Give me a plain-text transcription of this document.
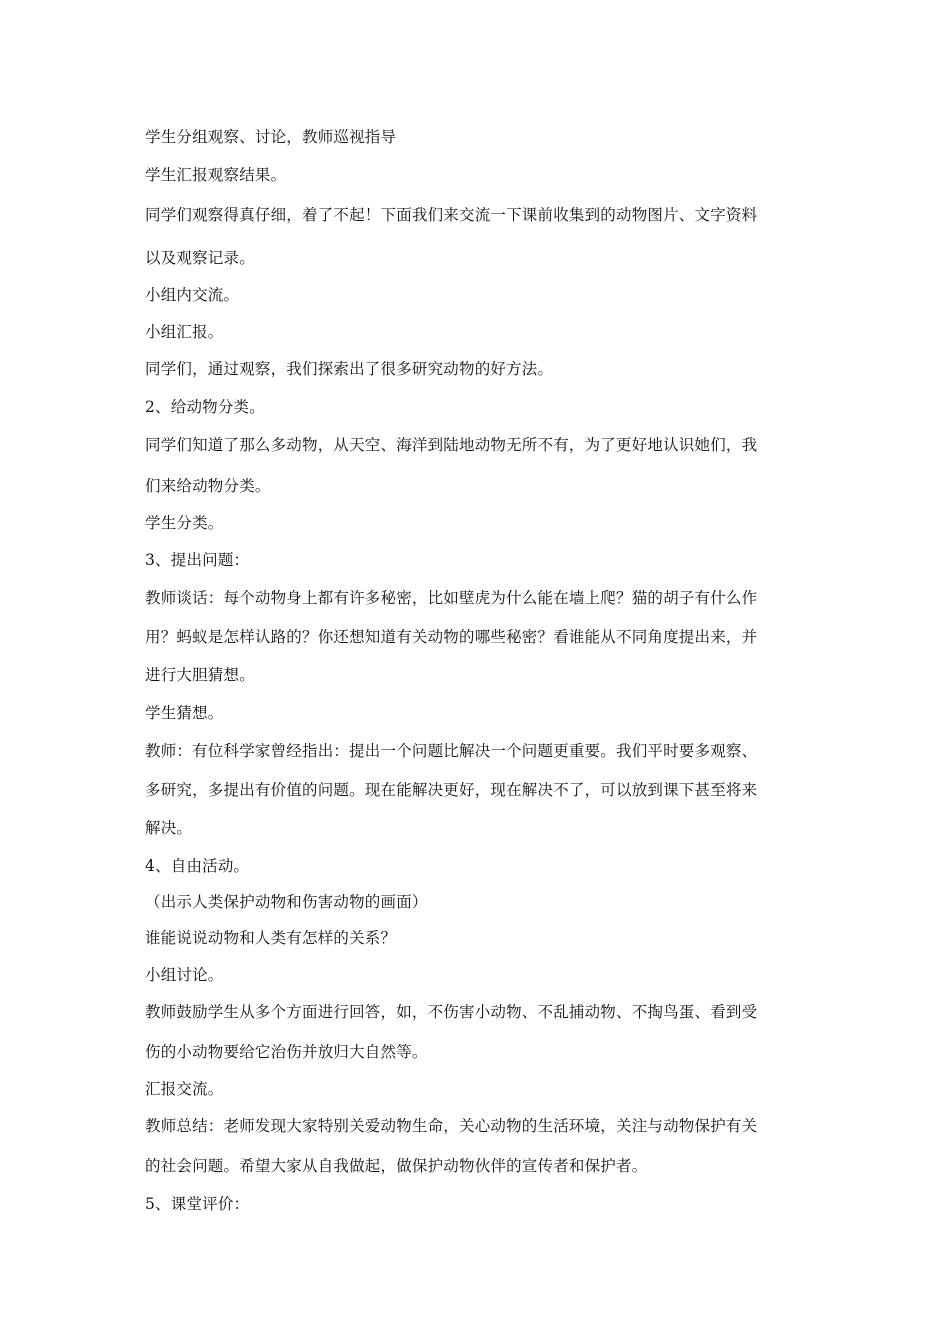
学生分组观察、讨论，教师巡视指导
学生汇报观察结果。
同学们观察得真仔细，着了不起！下面我们来交流一下课前收集到的动物图片、文字资料
以及观察记录。
小组内交流。
小组汇报。
同学们，通过观察，我们探索出了很多研究动物的好方法。
2、给动物分类。
同学们知道了那么多动物，从天空、海洋到陆地动物无所不有，为了更好地认识她们，我
们来给动物分类。
学生分类。
3、提出问题：
教师谈话：每个动物身上都有许多秘密，比如壁虎为什么能在墙上爬？猫的胡子有什么作
用？蚂蚁是怎样认路的？你还想知道有关动物的哪些秘密？看谁能从不同角度提出来，并
进行大胆猜想。
学生猜想。
教师：有位科学家曾经指出：提出一个问题比解决一个问题更重要。我们平时要多观察、
多研究，多提出有价值的问题。现在能解决更好，现在解决不了，可以放到课下甚至将来
解决。
4、自由活动。
（出示人类保护动物和伤害动物的画面）
谁能说说动物和人类有怎样的关系？
小组讨论。
教师鼓励学生从多个方面进行回答，如，不伤害小动物、不乱捕动物、不掏鸟蛋、看到受
伤的小动物要给它治伤并放归大自然等。
汇报交流。
教师总结：老师发现大家特别关爱动物生命，关心动物的生活环境，关注与动物保护有关
的社会问题。希望大家从自我做起，做保护动物伙伴的宣传者和保护者。
5、课堂评价：
